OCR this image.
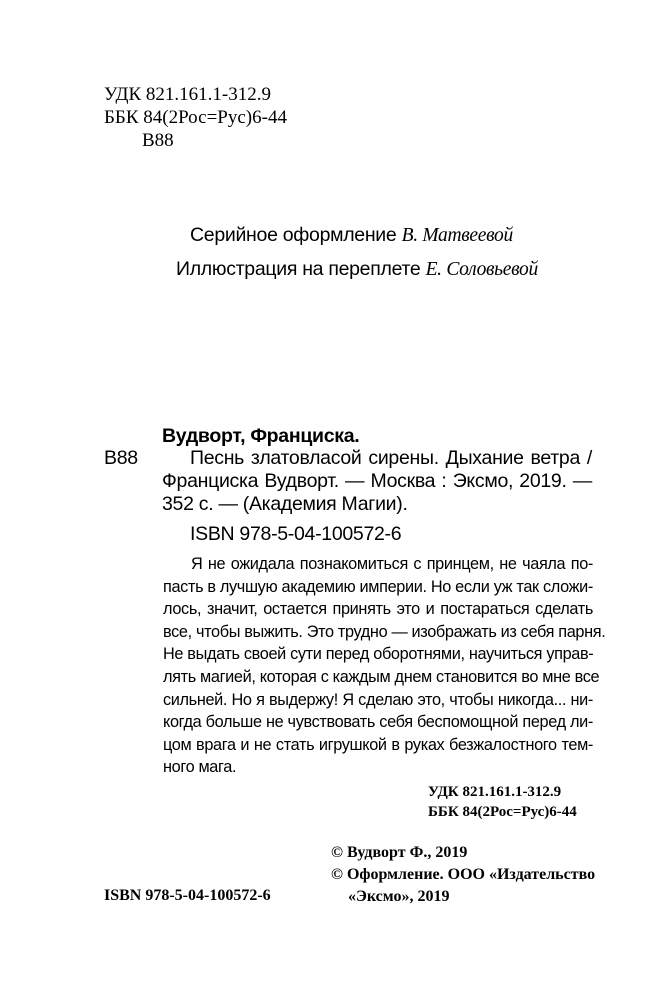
УДК 821.161.1-312.9
ББК 84(2Рос=Рус)6-44
В88
Серийное оформление В. Матвеевой
Иллюстрация на переплете Е. Соловьевой
Вудворт, Франциска.
В88	Песнь златовласой сирены. Дыхание ветра /
Франциска Вудворт. — Москва : Эксмо, 2019. —
352 с. — (Академия Магии).
ISBN 978-5-04-100572-6
Я не ожидала познакомиться с принцем, не чаяла по-
пасть в лучшую академию империи. Но если уж так сложи-
лось, значит, остается принять это и постараться сделать
все, чтобы выжить. Это трудно — изображать из себя парня.
Не выдать своей сути перед оборотнями, научиться управ-
лять магией, которая с каждым днем становится во мне все
сильней. Но я выдержу! Я сделаю это, чтобы никогда... ни-
когда больше не чувствовать себя беспомощной перед ли-
цом врага и не стать игрушкой в руках безжалостного тем-
ного мага.
УДК 821.161.1-312.9
ББК 84(2Рос=Рус)6-44
© Вудворт Ф., 2019
© Оформление. ООО «Издательство
«Эксмо», 2019
ISBN 978-5-04-100572-6
